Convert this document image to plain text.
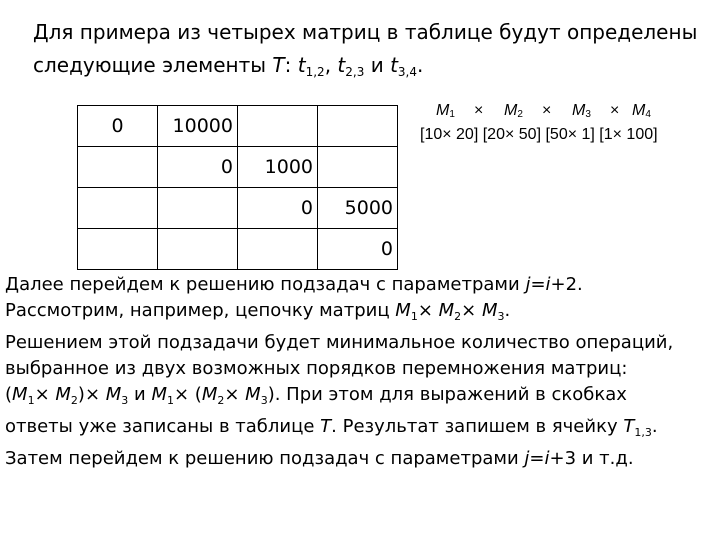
Для примера из четырех матриц в таблице будут определены
следующие элементы T: $t_{1,2}$, $t_{2,3}$ и $t_{3,4}$.
0	10000		
	0	1000	
		0	5000
			0
M1 × M2 × M3 × M4
[10× 20] [20× 50] [50× 1] [1× 100]
Далее перейдем к решению подзадач с параметрами j=i+2.
Рассмотрим, например, цепочку матриц $M_1\times M_2\times M_3$.
Решением этой подзадачи будет минимальное количество операций,
выбранное из двух возможных порядков перемножения матриц:
$(M_1\times M_2)\times M_3$ и $M_1\times (M_2\times M_3)$. При этом для выражений в скобках
ответы уже записаны в таблице T. Результат запишем в ячейку $T_{1,3}$.
Затем перейдем к решению подзадач с параметрами j=i+3 и т.д.
